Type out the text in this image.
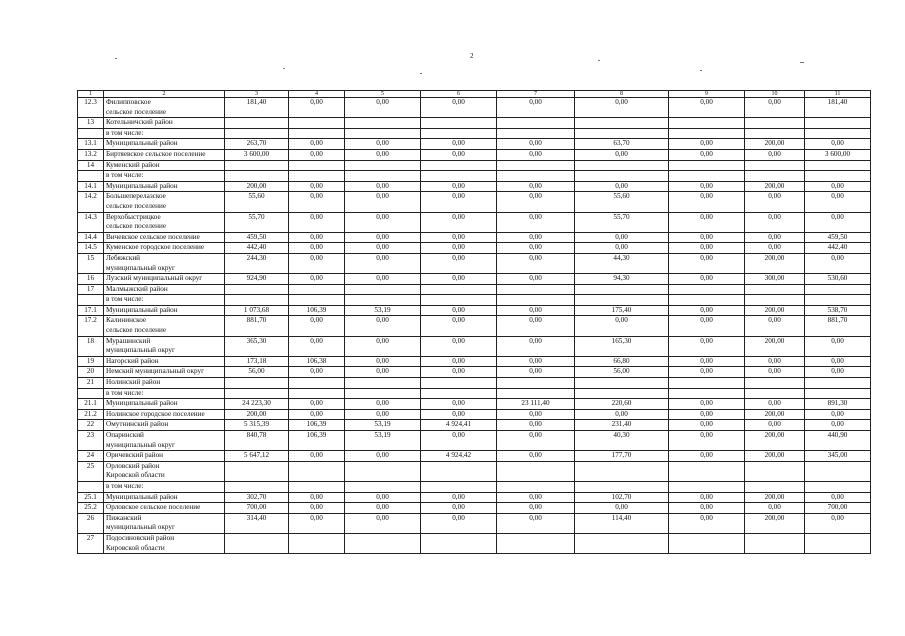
2
1	2	3	4	5	6	7	8	9	10	11
12.3	Филипповское
сельское поселение	181,40	0,00	0,00	0,00	0,00	0,00	0,00	0,00	181,40
13	Котельничский район									

	в том числе:									

13.1	Муниципальный район	263,70	0,00	0,00	0,00	0,00	63,70	0,00	200,00	0,00
13.2	Биртяевское сельское поселение	3 600,00	0,00	0,00	0,00	0,00	0,00	0,00	0,00	3 600,00
14	Куменский район									

	в том числе:									

14.1	Муниципальный район	200,00	0,00	0,00	0,00	0,00	0,00	0,00	200,00	0,00
14.2	Большеперелазское
сельское поселение	55,60	0,00	0,00	0,00	0,00	55,60	0,00	0,00	0,00
14.3	Верхобыстрицкое
сельское поселение	55,70	0,00	0,00	0,00	0,00	55,70	0,00	0,00	0,00
14.4	Вичевское сельское поселение	459,50	0,00	0,00	0,00	0,00	0,00	0,00	0,00	459,50
14.5	Куменское городское поселение	442,40	0,00	0,00	0,00	0,00	0,00	0,00	0,00	442,40
15	Лебяжский
муниципальный округ	244,30	0,00	0,00	0,00	0,00	44,30	0,00	200,00	0,00
16	Лузский муниципальный округ	924,90	0,00	0,00	0,00	0,00	94,30	0,00	300,00	530,60
17	Малмыжский район									

	в том числе:									

17.1	Муниципальный район	1 073,68	106,39	53,19	0,00	0,00	175,40	0,00	200,00	538,70
17.2	Калининское
сельское поселение	881,70	0,00	0,00	0,00	0,00	0,00	0,00	0,00	881,70
18	Мурашинский
муниципальный округ	365,30	0,00	0,00	0,00	0,00	165,30	0,00	200,00	0,00
19	Нагорский район	173,18	106,38	0,00	0,00	0,00	66,80	0,00	0,00	0,00
20	Немский муниципальный округ	56,00	0,00	0,00	0,00	0,00	56,00	0,00	0,00	0,00
21	Нолинский район									

	в том числе:									

21.1	Муниципальный район	24 223,30	0,00	0,00	0,00	23 111,40	220,60	0,00	0,00	891,30
21.2	Нолинское городское поселение	200,00	0,00	0,00	0,00	0,00	0,00	0,00	200,00	0,00
22	Омутнинский район	5 315,39	106,39	53,19	4 924,41	0,00	231,40	0,00	0,00	0,00
23	Опаринский
муниципальный округ	840,78	106,39	53,19	0,00	0,00	40,30	0,00	200,00	440,90
24	Оричевский район	5 647,12	0,00	0,00	4 924,42	0,00	177,70	0,00	200,00	345,00
25	Орловский район
Кировской области									

	в том числе:									

25.1	Муниципальный район	302,70	0,00	0,00	0,00	0,00	102,70	0,00	200,00	0,00
25.2	Орловское сельское поселение	700,00	0,00	0,00	0,00	0,00	0,00	0,00	0,00	700,00
26	Пижанский
муниципальный округ	314,40	0,00	0,00	0,00	0,00	114,40	0,00	200,00	0,00
27	Подосиновский район
Кировской области									
